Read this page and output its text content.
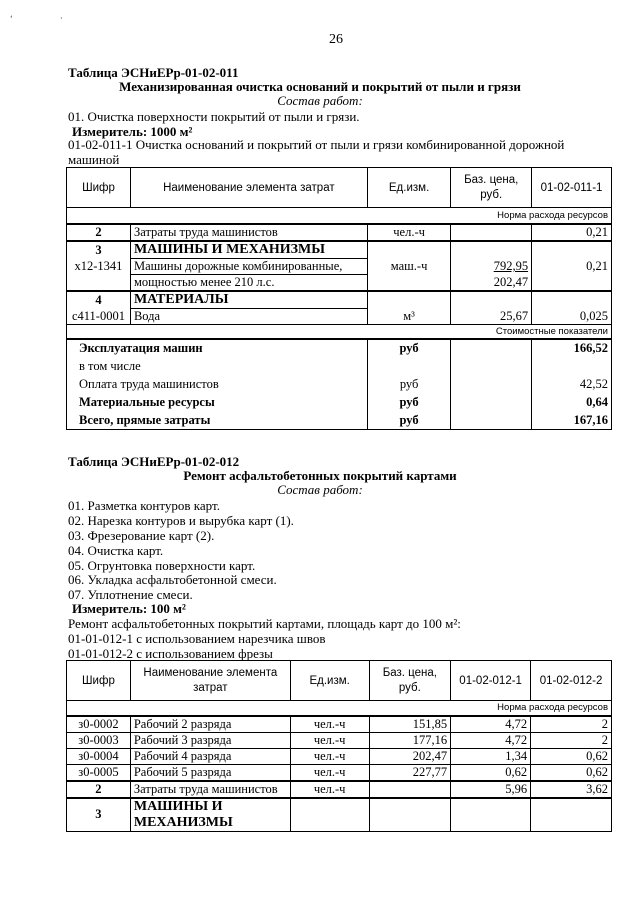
‘	·
26
Таблица ЭСНиЕРр-01-02-011
Механизированная очистка оснований и покрытий от пыли и грязи
Состав работ:
01. Очистка поверхности покрытий от пыли и грязи.
Измеритель: 1000 м²
01-02-011-1 Очистка оснований и покрытий от пыли и грязи комбинированной дорожной машиной
Шифр	Наименование элемента затрат	Ед.изм.	Баз. цена, руб.	01-02-011-1
Норма расхода ресурсов				
2	Затраты труда машинистов	чел.-ч		0,21
3	МАШИНЫ И МЕХАНИЗМЫ			
х12-1341	Машины дорожные комбинированные,	маш.-ч	792,95	0,21
	мощностью менее 210 л.с.		202,47	
4	МАТЕРИАЛЫ			
с411-0001	Вода	м³	25,67	0,025
Стоимостные показатели				
Эксплуатация машин		руб		166,52
в том числе				
Оплата труда машинистов		руб		42,52
Материальные ресурсы		руб		0,64
Всего, прямые затраты		руб		167,16
Таблица ЭСНиЕРр-01-02-012
Ремонт асфальтобетонных покрытий картами
Состав работ:
01. Разметка контуров карт.
02. Нарезка контуров и вырубка карт (1).
03. Фрезерование карт (2).
04. Очистка карт.
05. Огрунтовка поверхности карт.
06. Укладка асфальтобетонной смеси.
07. Уплотнение смеси.
Измеритель: 100 м²
Ремонт асфальтобетонных покрытий картами, площадь карт до 100 м²:
01-01-012-1 с использованием нарезчика швов
01-01-012-2 с использованием фрезы
Шифр	Наименование элемента затрат	Ед.изм.	Баз. цена, руб.	01-02-012-1	01-02-012-2
Норма расхода ресурсов					
з0-0002	Рабочий 2 разряда	чел.-ч	151,85	4,72	2
з0-0003	Рабочий 3 разряда	чел.-ч	177,16	4,72	2
з0-0004	Рабочий 4 разряда	чел.-ч	202,47	1,34	0,62
з0-0005	Рабочий 5 разряда	чел.-ч	227,77	0,62	0,62
2	Затраты труда машинистов	чел.-ч		5,96	3,62
3	МАШИНЫ И МЕХАНИЗМЫ				
